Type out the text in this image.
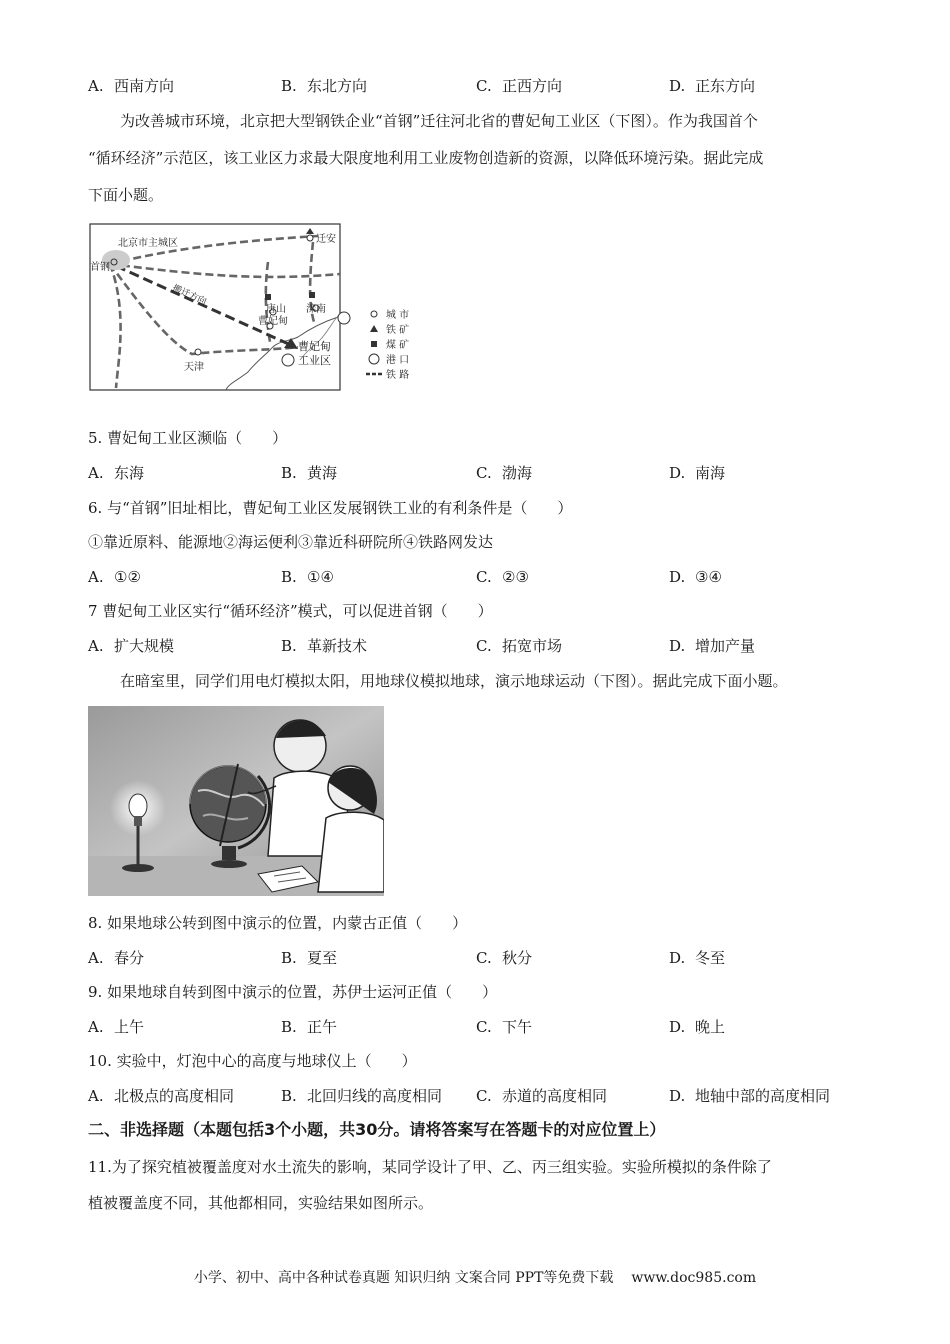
A. 西南方向	B. 东北方向	C. 正西方向	D. 正东方向
为改善城市环境，北京把大型钢铁企业“首钢”迁往河北省的曹妃甸工业区（下图）。作为我国首个
“循环经济”示范区，该工业区力求最大限度地利用工业废物创造新的资源，以降低环境污染。据此完成
下面小题。
北京市主城区
首钢
迁安
唐山 滦南
曹妃甸
天津
曹妃甸
工业区
搬迁方向
城 市
铁 矿
煤 矿
港 口
铁 路
5. 曹妃甸工业区濒临（　　）
A. 东海	B. 黄海	C. 渤海	D. 南海
6. 与“首钢”旧址相比，曹妃甸工业区发展钢铁工业的有利条件是（　　）
①靠近原料、能源地②海运便利③靠近科研院所④铁路网发达
A. ①②	B. ①④	C. ②③	D. ③④
7 曹妃甸工业区实行“循环经济”模式，可以促进首钢（　　）
A. 扩大规模	B. 革新技术	C. 拓宽市场	D. 增加产量
在暗室里，同学们用电灯模拟太阳，用地球仪模拟地球，演示地球运动（下图）。据此完成下面小题。
8. 如果地球公转到图中演示的位置，内蒙古正值（　　）
A. 春分	B. 夏至	C. 秋分	D. 冬至
9. 如果地球自转到图中演示的位置，苏伊士运河正值（　　）
A. 上午	B. 正午	C. 下午	D. 晚上
10. 实验中，灯泡中心的高度与地球仪上（　　）
A. 北极点的高度相同	B. 北回归线的高度相同 C. 赤道的高度相同	D. 地轴中部的高度相同
二、非选择题（本题包括3个小题，共30分。请将答案写在答题卡的对应位置上）
11.为了探究植被覆盖度对水土流失的影响，某同学设计了甲、乙、丙三组实验。实验所模拟的条件除了
植被覆盖度不同，其他都相同，实验结果如图所示。
小学、初中、高中各种试卷真题 知识归纳 文案合同 PPT等免费下载 www.doc985.com
